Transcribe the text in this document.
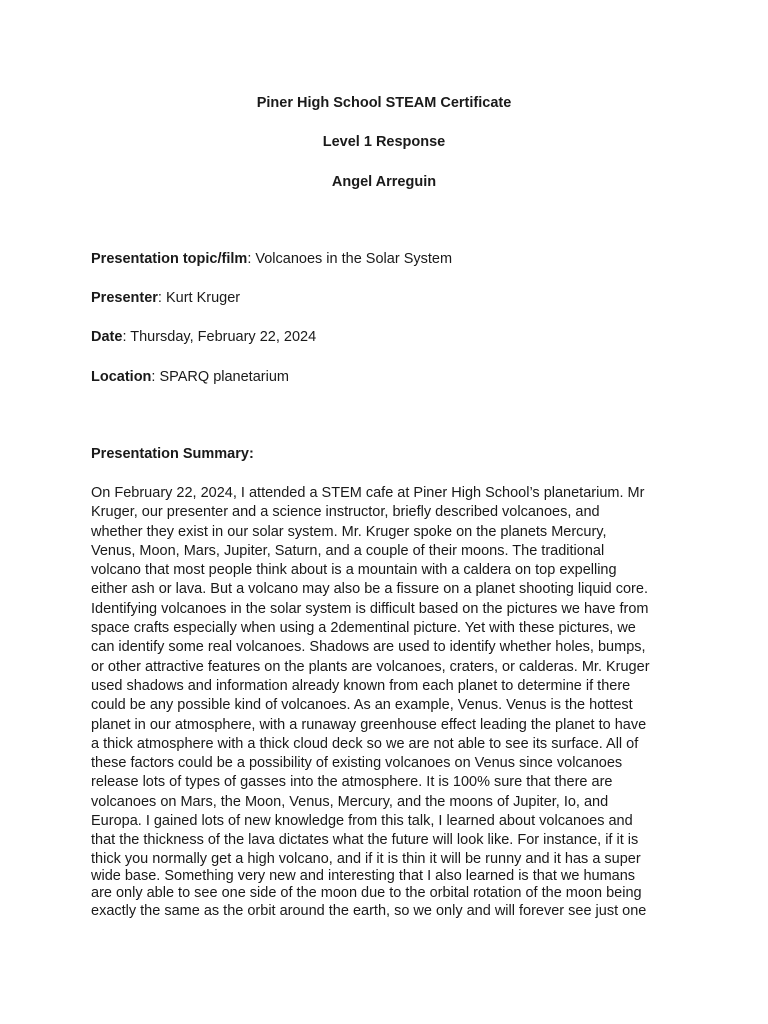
Piner High School STEAM Certificate

Level 1 Response

Angel Arreguin

Presentation topic/film: Volcanoes in the Solar System

Presenter: Kurt Kruger

Date: Thursday, February 22, 2024

Location: SPARQ planetarium

Presentation Summary:

On February 22, 2024, I attended a STEM cafe at Piner High School’s planetarium. Mr
Kruger, our presenter and a science instructor, briefly described volcanoes, and
whether they exist in our solar system. Mr. Kruger spoke on the planets Mercury,
Venus, Moon, Mars, Jupiter, Saturn, and a couple of their moons. The traditional
volcano that most people think about is a mountain with a caldera on top expelling
either ash or lava. But a volcano may also be a fissure on a planet shooting liquid core.
Identifying volcanoes in the solar system is difficult based on the pictures we have from
space crafts especially when using a 2dementinal picture. Yet with these pictures, we
can identify some real volcanoes. Shadows are used to identify whether holes, bumps,
or other attractive features on the plants are volcanoes, craters, or calderas. Mr. Kruger
used shadows and information already known from each planet to determine if there
could be any possible kind of volcanoes. As an example, Venus. Venus is the hottest
planet in our atmosphere, with a runaway greenhouse effect leading the planet to have
a thick atmosphere with a thick cloud deck so we are not able to see its surface. All of
these factors could be a possibility of existing volcanoes on Venus since volcanoes
release lots of types of gasses into the atmosphere. It is 100% sure that there are
volcanoes on Mars, the Moon, Venus, Mercury, and the moons of Jupiter, Io, and
Europa. I gained lots of new knowledge from this talk, I learned about volcanoes and
that the thickness of the lava dictates what the future will look like. For instance, if it is
thick you normally get a high volcano, and if it is thin it will be runny and it has a super
wide base. Something very new and interesting that I also learned is that we humans
are only able to see one side of the moon due to the orbital rotation of the moon being
exactly the same as the orbit around the earth, so we only and will forever see just one
